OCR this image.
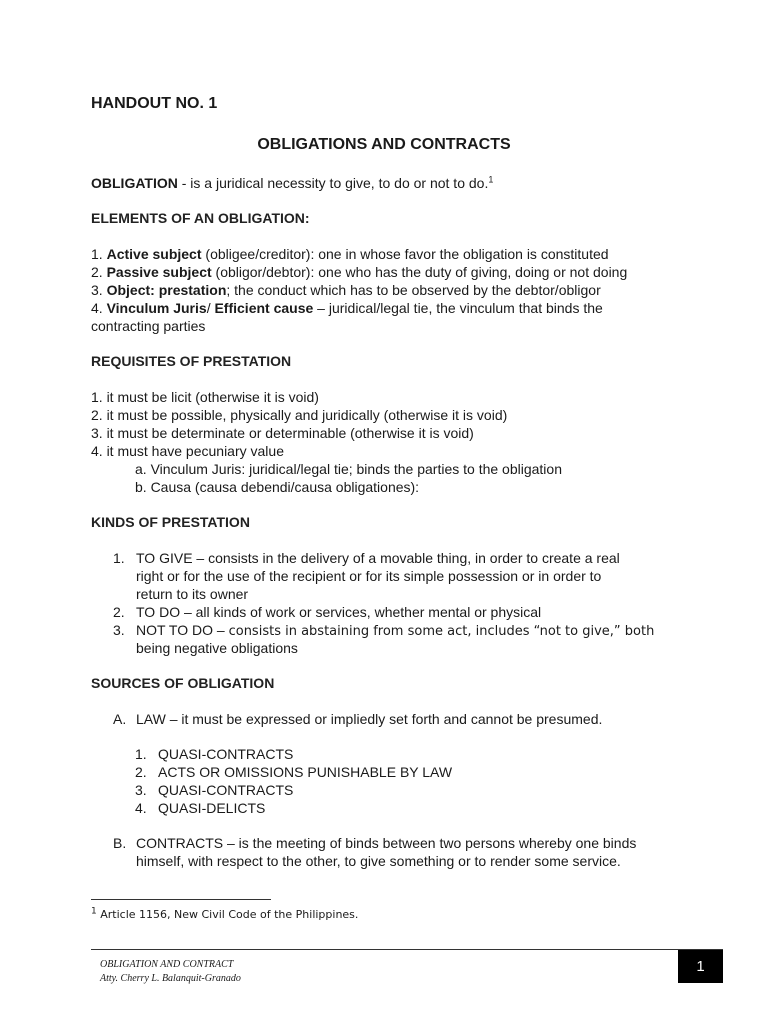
HANDOUT NO. 1
OBLIGATIONS AND CONTRACTS
OBLIGATION - is a juridical necessity to give, to do or not to do.$^1$
ELEMENTS OF AN OBLIGATION:
1. Active subject (obligee/creditor): one in whose favor the obligation is constituted
2. Passive subject (obligor/debtor): one who has the duty of giving, doing or not doing
3. Object: prestation; the conduct which has to be observed by the debtor/obligor
4. Vinculum Juris/ Efficient cause – juridical/legal tie, the vinculum that binds the
contracting parties
REQUISITES OF PRESTATION
1. it must be licit (otherwise it is void)
2. it must be possible, physically and juridically (otherwise it is void)
3. it must be determinate or determinable (otherwise it is void)
4. it must have pecuniary value
a. Vinculum Juris: juridical/legal tie; binds the parties to the obligation
b. Causa (causa debendi/causa obligationes):
KINDS OF PRESTATION
1. TO GIVE – consists in the delivery of a movable thing, in order to create a real
right or for the use of the recipient or for its simple possession or in order to
return to its owner
2. TO DO – all kinds of work or services, whether mental or physical
3. NOT TO DO – consists in abstaining from some act, includes “not to give,” both
being negative obligations
SOURCES OF OBLIGATION
A. LAW – it must be expressed or impliedly set forth and cannot be presumed.
1. QUASI-CONTRACTS
2. ACTS OR OMISSIONS PUNISHABLE BY LAW
3. QUASI-CONTRACTS
4. QUASI-DELICTS
B. CONTRACTS – is the meeting of binds between two persons whereby one binds
himself, with respect to the other, to give something or to render some service.
$^1$ Article 1156, New Civil Code of the Philippines.
OBLIGATION AND CONTRACT
Atty. Cherry L. Balanquit-Granado
1
